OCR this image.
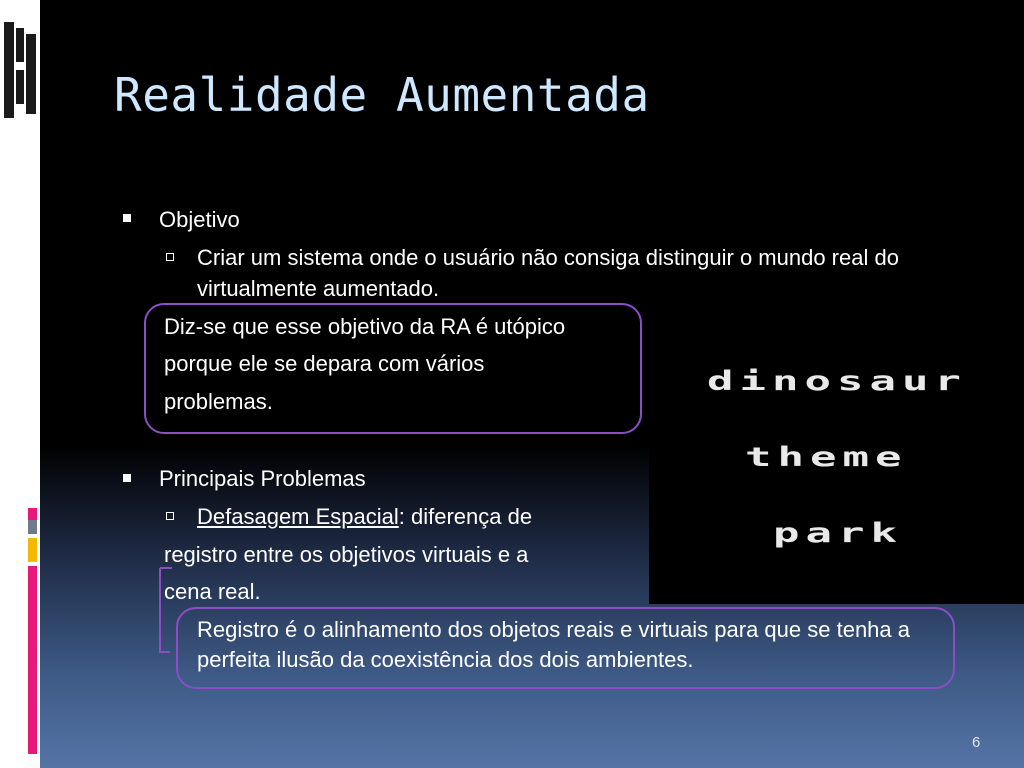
Realidade Aumentada
Objetivo
Criar um sistema onde o usuário não consiga distinguir o mundo real do virtualmente aumentado.
Diz-se que esse objetivo da RA é utópico
porque ele se depara com vários
problemas.
Principais Problemas
Defasagem Espacial: diferença de
registro entre os objetivos virtuais e a
cena real.
Registro é o alinhamento dos objetos reais e virtuais para que se tenha a perfeita ilusão da coexistência dos dois ambientes.
dinosaur
theme
park
6
